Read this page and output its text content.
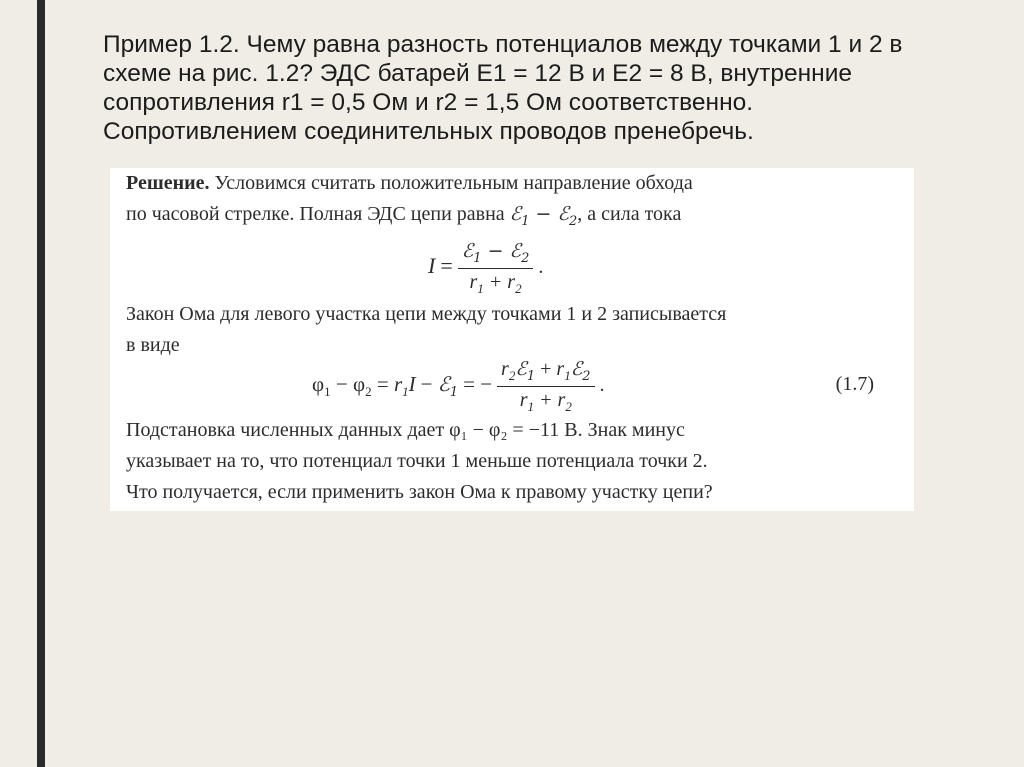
Пример 1.2. Чему равна разность потенциалов между точками 1 и 2 в

схеме на рис. 1.2? ЭДС батарей Е1 = 12 В и Е2 = 8 В, внутренние

сопротивления r1 = 0,5 Ом и r2 = 1,5 Ом соответственно.

Сопротивлением соединительных проводов пренебречь.

Решение. Условимся считать положительным направление обхода
по часовой стрелке. Полная ЭДС цепи равна ℰ$_1$ − ℰ$_2$, а сила тока
$I = \frac{ℰ_1 - ℰ_2}{r_1 + r_2}$ .
Закон Ома для левого участка цепи между точками 1 и 2 записывается
в виде
$\varphi_1 - \varphi_2 = r_1I$ − ℰ$_1$ = − $\frac{r_2ℰ_1 + r_1ℰ_2}{r_1 + r_2}$ .	(1.7)
Подстановка численных данных дает φ₁ − φ₂ = −11 В. Знак минус
указывает на то, что потенциал точки 1 меньше потенциала точки 2.
Что получается, если применить закон Ома к правому участку цепи?
